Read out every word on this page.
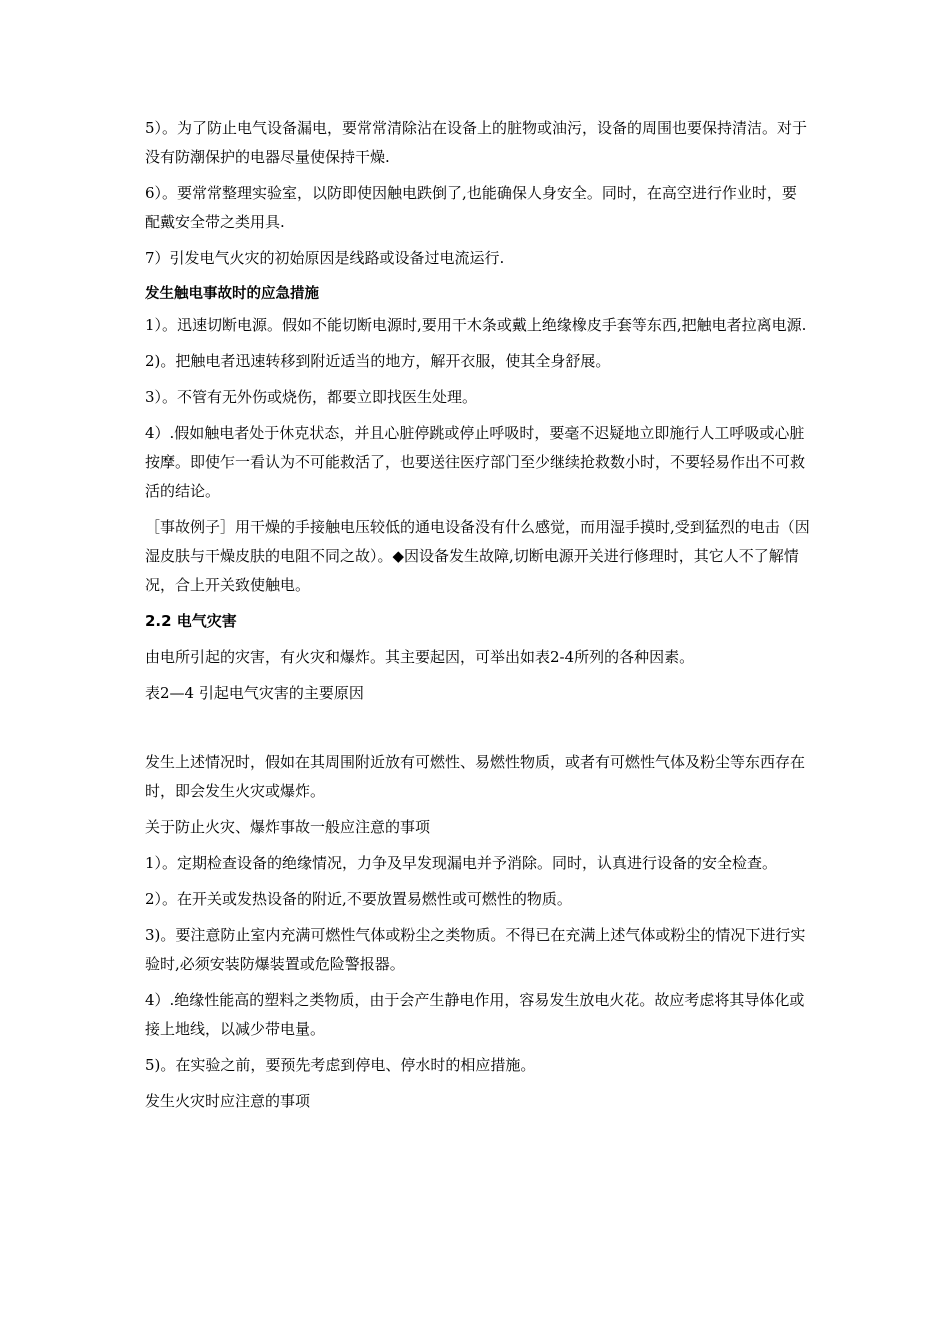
5）。为了防止电气设备漏电，要常常清除沾在设备上的脏物或油污，设备的周围也要保持清洁。对于没有防潮保护的电器尽量使保持干燥.

6）。要常常整理实验室，以防即使因触电跌倒了,也能确保人身安全。同时，在高空进行作业时，要配戴安全带之类用具.

7）引发电气火灾的初始原因是线路或设备过电流运行.

发生触电事故时的应急措施

1）。迅速切断电源。假如不能切断电源时,要用干木条或戴上绝缘橡皮手套等东西,把触电者拉离电源.

2)。把触电者迅速转移到附近适当的地方，解开衣服，使其全身舒展。

3）。不管有无外伤或烧伤，都要立即找医生处理。

4）.假如触电者处于休克状态，并且心脏停跳或停止呼吸时，要毫不迟疑地立即施行人工呼吸或心脏按摩。即使乍一看认为不可能救活了，也要送往医疗部门至少继续抢救数小时，不要轻易作出不可救活的结论。

［事故例子］用干燥的手接触电压较低的通电设备没有什么感觉，而用湿手摸时,受到猛烈的电击（因湿皮肤与干燥皮肤的电阻不同之故）。◆因设备发生故障,切断电源开关进行修理时，其它人不了解情况，合上开关致使触电。

2.2 电气灾害

由电所引起的灾害，有火灾和爆炸。其主要起因，可举出如表2-4所列的各种因素。

表2—4 引起电气灾害的主要原因

发生上述情况时，假如在其周围附近放有可燃性、易燃性物质，或者有可燃性气体及粉尘等东西存在时，即会发生火灾或爆炸。

关于防止火灾、爆炸事故一般应注意的事项

1）。定期检查设备的绝缘情况，力争及早发现漏电并予消除。同时，认真进行设备的安全检查。

2）。在开关或发热设备的附近,不要放置易燃性或可燃性的物质。

3)。要注意防止室内充满可燃性气体或粉尘之类物质。不得已在充满上述气体或粉尘的情况下进行实验时,必须安装防爆装置或危险警报器。

4）.绝缘性能高的塑料之类物质，由于会产生静电作用，容易发生放电火花。故应考虑将其导体化或接上地线，以减少带电量。

5)。在实验之前，要预先考虑到停电、停水时的相应措施。

发生火灾时应注意的事项
